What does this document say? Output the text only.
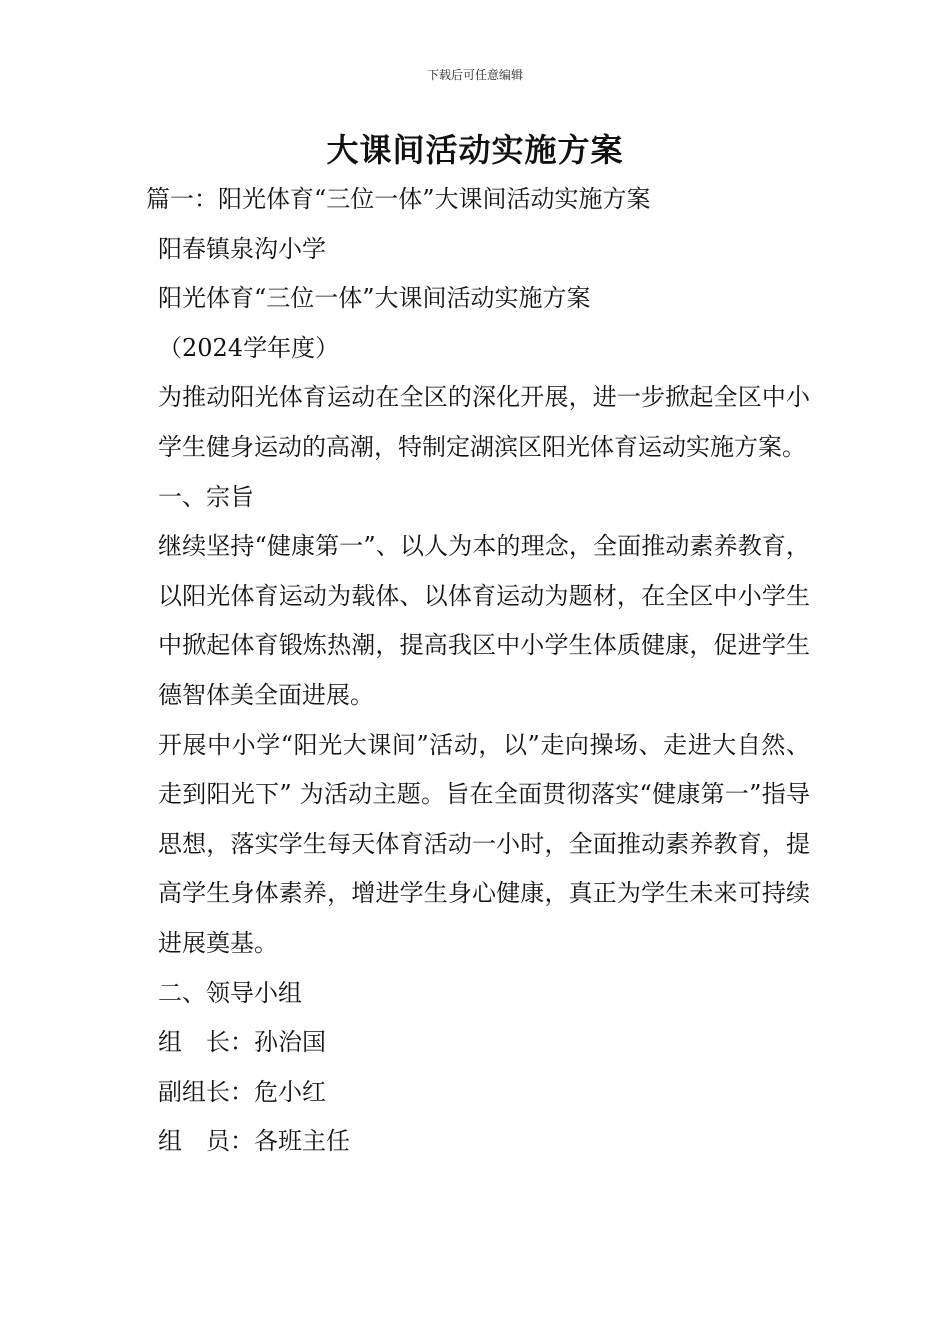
下载后可任意编辑
大课间活动实施方案
篇一：阳光体育“三位一体”大课间活动实施方案
阳春镇泉沟小学
阳光体育“三位一体”大课间活动实施方案
（2024学年度）

为推动阳光体育运动在全区的深化开展，进一步掀起全区中小学生健身运动的高潮，特制定湖滨区阳光体育运动实施方案。

一、宗旨

继续坚持“健康第一”、以人为本的理念，全面推动素养教育，以阳光体育运动为载体、以体育运动为题材，在全区中小学生中掀起体育锻炼热潮，提高我区中小学生体质健康，促进学生德智体美全面进展。

开展中小学“阳光大课间”活动，以”走向操场、走进大自然、走到阳光下” 为活动主题。旨在全面贯彻落实“健康第一”指导思想，落实学生每天体育活动一小时，全面推动素养教育，提高学生身体素养，增进学生身心健康，真正为学生未来可持续进展奠基。

二、领导小组
组　长：孙治国
副组长：危小红
组　员：各班主任
